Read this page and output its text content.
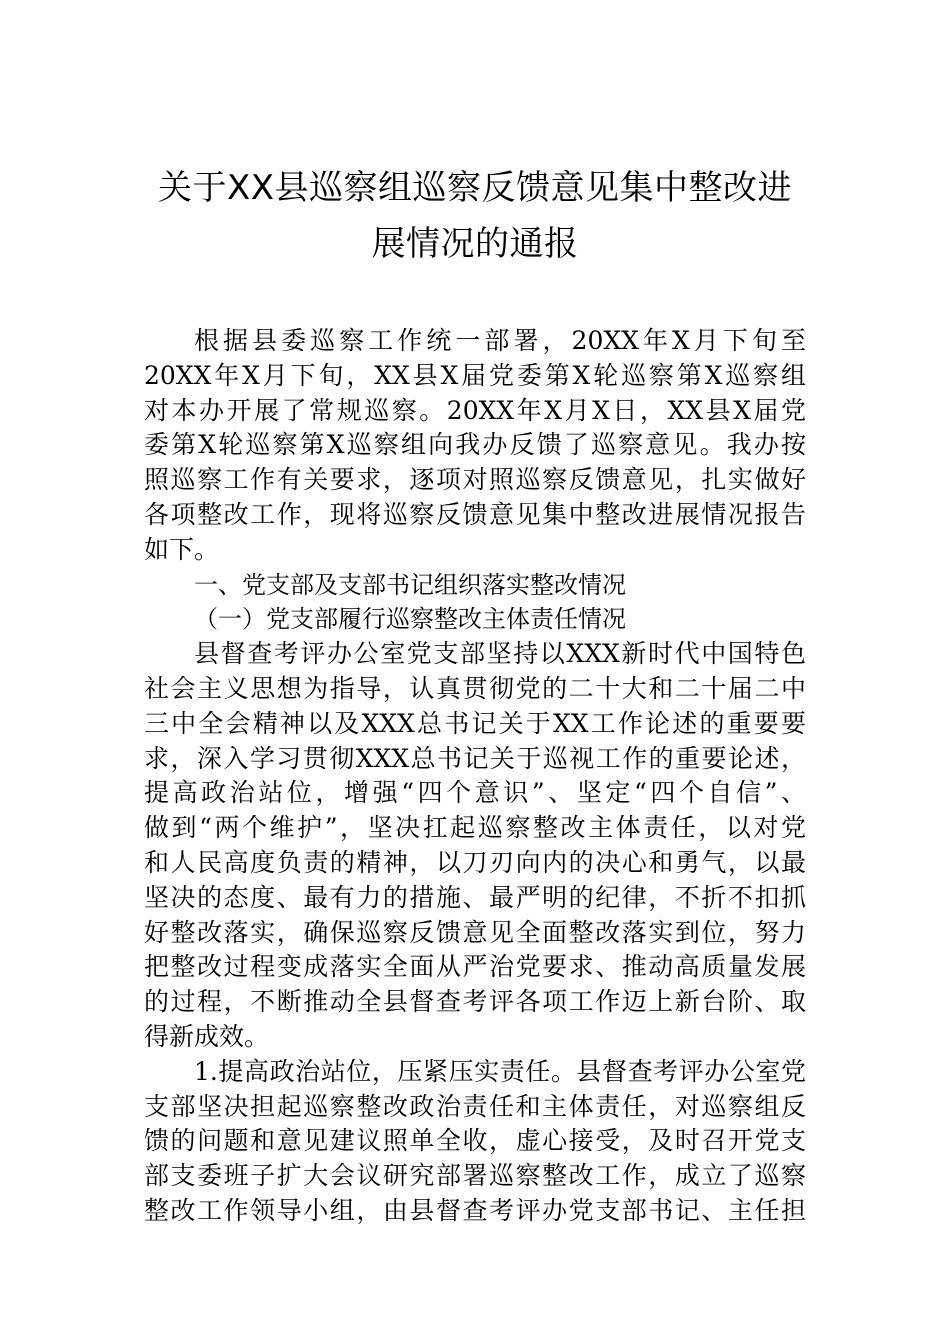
关于XX县巡察组巡察反馈意见集中整改进
展情况的通报
根据县委巡察工作统一部署，20XX年X月下旬至
20XX年X月下旬，XX县X届党委第X轮巡察第X巡察组
对本办开展了常规巡察。20XX年X月X日，XX县X届党
委第X轮巡察第X巡察组向我办反馈了巡察意见。我办按
照巡察工作有关要求，逐项对照巡察反馈意见，扎实做好
各项整改工作，现将巡察反馈意见集中整改进展情况报告
如下。
一、党支部及支部书记组织落实整改情况
（一）党支部履行巡察整改主体责任情况
县督查考评办公室党支部坚持以XXX新时代中国特色
社会主义思想为指导，认真贯彻党的二十大和二十届二中
三中全会精神以及XXX总书记关于XX工作论述的重要要
求，深入学习贯彻XXX总书记关于巡视工作的重要论述，
提高政治站位，增强“四个意识”、坚定“四个自信”、
做到“两个维护”，坚决扛起巡察整改主体责任，以对党
和人民高度负责的精神，以刀刃向内的决心和勇气，以最
坚决的态度、最有力的措施、最严明的纪律，不折不扣抓
好整改落实，确保巡察反馈意见全面整改落实到位，努力
把整改过程变成落实全面从严治党要求、推动高质量发展
的过程，不断推动全县督查考评各项工作迈上新台阶、取
得新成效。
1.提高政治站位，压紧压实责任。县督查考评办公室党
支部坚决担起巡察整改政治责任和主体责任，对巡察组反
馈的问题和意见建议照单全收，虚心接受，及时召开党支
部支委班子扩大会议研究部署巡察整改工作，成立了巡察
整改工作领导小组，由县督查考评办党支部书记、主任担
